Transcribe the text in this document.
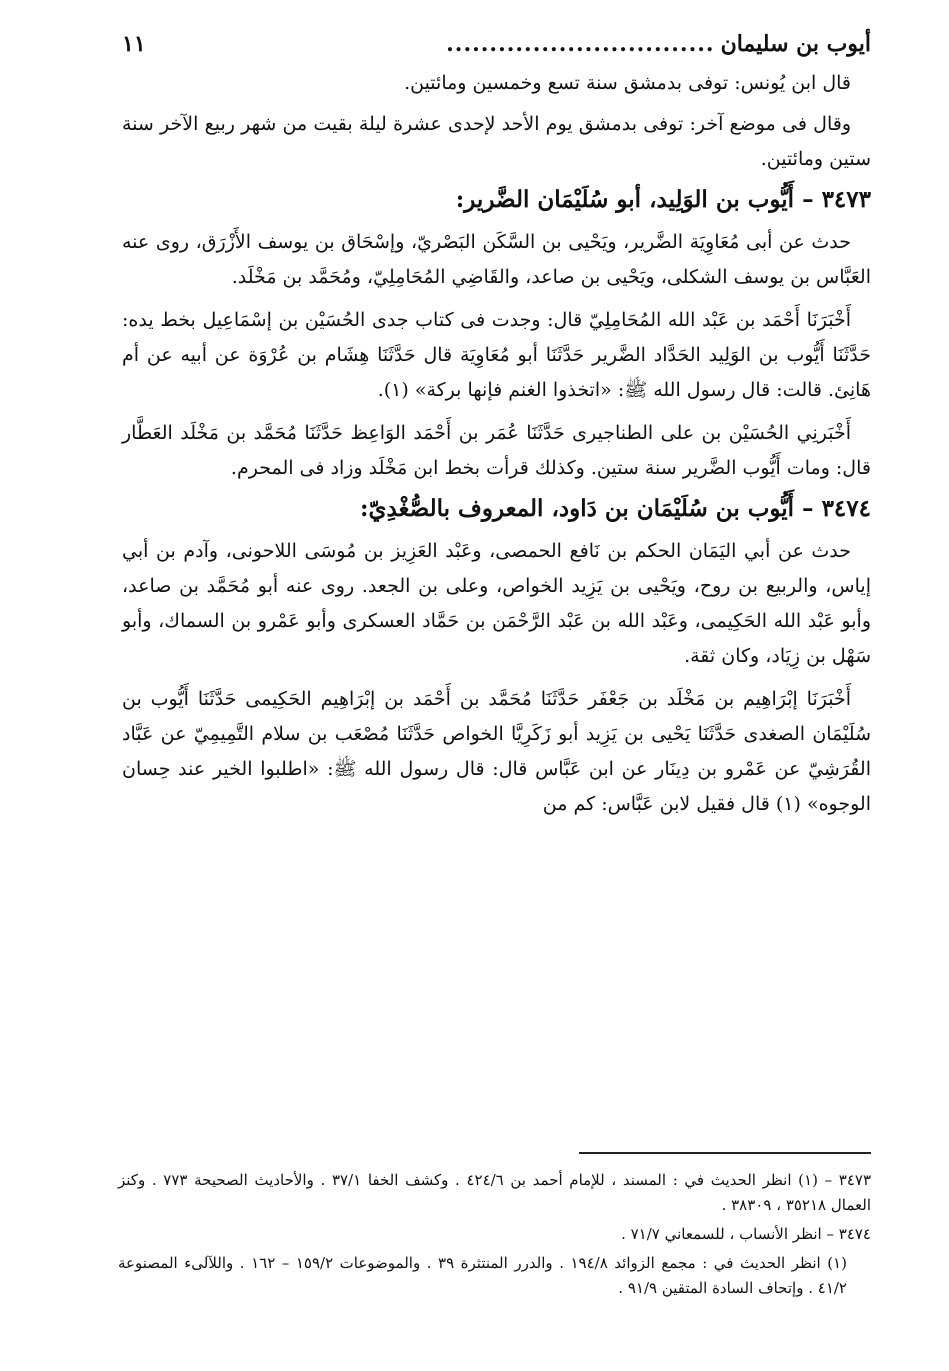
أيوب بن سليمان
...............................
١١

قال ابن يُونس: توفى بدمشق سنة تسع وخمسين ومائتين.

وقال فى موضع آخر: توفى بدمشق يوم الأحد لإحدى عشرة ليلة بقيت من شهر ربيع الآخر سنة ستين ومائتين.

٣٤٧٣ – أَيُّوب بن الوَلِيد، أبو سُلَيْمَان الضَّرير:

حدث عن أبى مُعَاوِيَة الضَّرير، ويَحْيى بن السَّكَن البَصْريّ، وإسْحَاق بن يوسف الأَزْرَق، روى عنه العَبَّاس بن يوسف الشكلى، ويَحْيى بن صاعد، والقَاضِي المُحَامِلِيّ، ومُحَمَّد بن مَخْلَد.

أَخْبَرَنَا أَحْمَد بن عَبْد الله المُحَامِلِيّ قال: وجدت فى كتاب جدى الحُسَيْن بن إسْمَاعِيل بخط يده: حَدَّثَنَا أَيُّوب بن الوَلِيد الحَدَّاد الضَّرير حَدَّثَنَا أبو مُعَاوِيَة قال حَدَّثَنَا هِشَام بن عُرْوَة عن أبيه عن أم هَانِئ. قالت: قال رسول الله ﷺ: «اتخذوا الغنم فإنها بركة» (١).

أَخْبَرنِي الحُسَيْن بن على الطناجيرى حَدَّثَنَا عُمَر بن أَحْمَد الوَاعِظ حَدَّثَنَا مُحَمَّد بن مَخْلَد العَطَّار قال: ومات أَيُّوب الضَّرير سنة ستين. وكذلك قرأت بخط ابن مَخْلَد وزاد فى المحرم.

٣٤٧٤ – أَيُّوب بن سُلَيْمَان بن دَاود، المعروف بالصُّغْدِيّ:

حدث عن أبي اليَمَان الحكم بن نَافع الحمصى، وعَبْد العَزِيز بن مُوسَى اللاحونى، وآدم بن أبي إياس، والربيع بن روح، ويَحْيى بن يَزِيد الخواص، وعلى بن الجعد. روى عنه أبو مُحَمَّد بن صاعد، وأبو عَبْد الله الحَكِيمى، وعَبْد الله بن عَبْد الرَّحْمَن بن حَمَّاد العسكرى وأبو عَمْرو بن السماك، وأبو سَهْل بن زِيَاد، وكان ثقة.

أَخْبَرَنَا إبْرَاهِيم بن مَخْلَد بن جَعْفَر حَدَّثَنَا مُحَمَّد بن أَحْمَد بن إبْرَاهِيم الحَكِيمى حَدَّثَنَا أَيُّوب بن سُلَيْمَان الصغدى حَدَّثَنَا يَحْيى بن يَزِيد أبو زَكَرِيَّا الخواص حَدَّثَنَا مُصْعَب بن سلام التَّمِيمِيّ عن عَبَّاد القُرَشِيّ عن عَمْرو بن دِينَار عن ابن عَبَّاس قال: قال رسول الله ﷺ: «اطلبوا الخير عند حِسان الوجوه» (١) قال فقيل لابن عَبَّاس: كم من

٣٤٧٣ – (١) انظر الحديث في : المسند ، للإمام أحمد بن ٤٢٤/٦ . وكشف الخفا ٣٧/١ . والأحاديث الصحيحة ٧٧٣ . وكنز العمال ٣٥٢١٨ ، ٣٨٣٠٩ .

٣٤٧٤ – انظر الأنساب ، للسمعاني ٧١/٧ .

(١) انظر الحديث في : مجمع الزوائد ١٩٤/٨ . والدرر المنتثرة ٣٩ . والموضوعات ١٥٩/٢ – ١٦٢ . واللآلىء المصنوعة ٤١/٢ . وإتحاف السادة المتقين ٩١/٩ .
